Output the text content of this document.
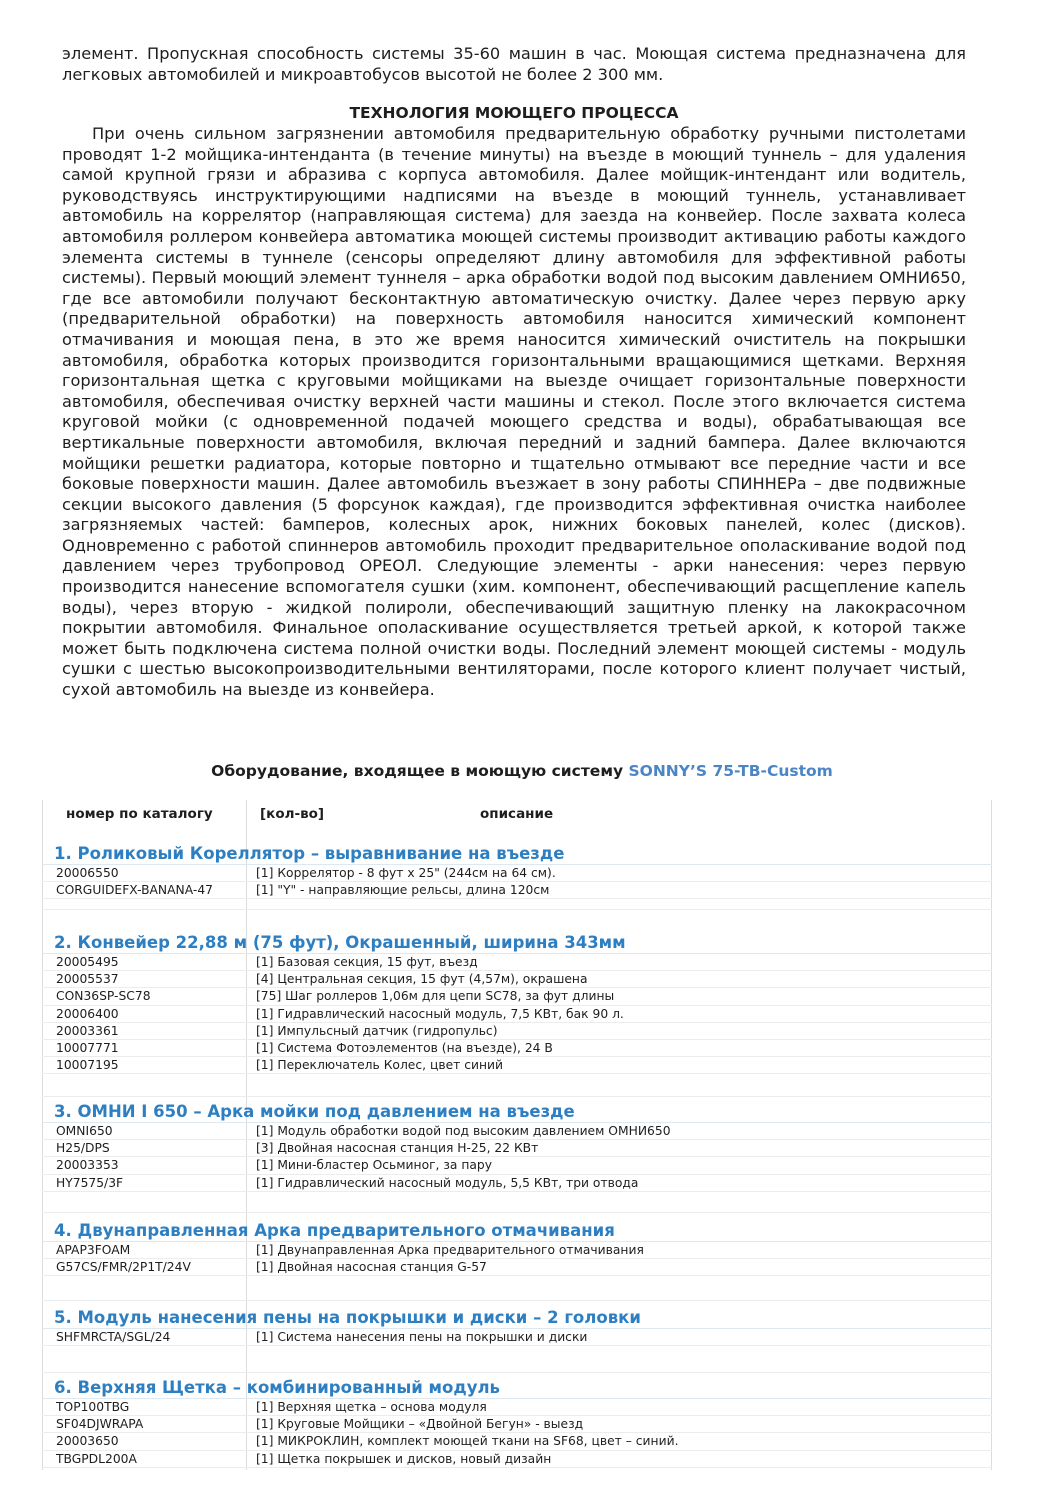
элемент. Пропускная способность системы 35-60 машин в час. Моющая система предназначена для легковых автомобилей и микроавтобусов высотой не более 2 300 мм.

ТЕХНОЛОГИЯ МОЮЩЕГО ПРОЦЕССА

При очень сильном загрязнении автомобиля предварительную обработку ручными пистолетами проводят 1-2 мойщика-интенданта (в течение минуты) на въезде в моющий туннель – для удаления самой крупной грязи и абразива с корпуса автомобиля. Далее мойщик-интендант или водитель, руководствуясь инструктирующими надписями на въезде в моющий туннель, устанавливает автомобиль на коррелятор (направляющая система) для заезда на конвейер. После захвата колеса автомобиля роллером конвейера автоматика моющей системы производит активацию работы каждого элемента системы в туннеле (сенсоры определяют длину автомобиля для эффективной работы системы). Первый моющий элемент туннеля – арка обработки водой под высоким давлением ОМНИ650, где все автомобили получают бесконтактную автоматическую очистку. Далее через первую арку (предварительной обработки) на поверхность автомобиля наносится химический компонент отмачивания и моющая пена, в это же время наносится химический очиститель на покрышки автомобиля, обработка которых производится горизонтальными вращающимися щетками. Верхняя горизонтальная щетка с круговыми мойщиками на выезде очищает горизонтальные поверхности автомобиля, обеспечивая очистку верхней части машины и стекол. После этого включается система круговой мойки (с одновременной подачей моющего средства и воды), обрабатывающая все вертикальные поверхности автомобиля, включая передний и задний бампера. Далее включаются мойщики решетки радиатора, которые повторно и тщательно отмывают все передние части и все боковые поверхности машин. Далее автомобиль въезжает в зону работы СПИННЕРа – две подвижные секции высокого давления (5 форсунок каждая), где производится эффективная очистка наиболее загрязняемых частей: бамперов, колесных арок, нижних боковых панелей, колес (дисков). Одновременно с работой спиннеров автомобиль проходит предварительное ополаскивание водой под давлением через трубопровод ОРЕОЛ. Следующие элементы - арки нанесения: через первую производится нанесение вспомогателя сушки (хим. компонент, обеспечивающий расщепление капель воды), через вторую - жидкой полироли, обеспечивающий защитную пленку на лакокрасочном покрытии автомобиля. Финальное ополаскивание осуществляется третьей аркой, к которой также может быть подключена система полной очистки воды. Последний элемент моющей системы - модуль сушки с шестью высокопроизводительными вентиляторами, после которого клиент получает чистый, сухой автомобиль на выезде из конвейера.

Оборудование, входящее в моющую систему SONNY’S 75-TB-Custom
номер по каталогу	[кол-во]	описание
1. Роликовый Кореллятор – выравнивание на въезде
20006550	[1] Коррелятор - 8 фут х 25" (244см на 64 см).
CORGUIDEFX-BANANA-47	[1] "Y" - направляющие рельсы, длина 120см
2. Конвейер 22,88 м (75 фут), Окрашенный, ширина 343мм
20005495	[1] Базовая секция, 15 фут, въезд
20005537	[4] Центральная секция, 15 фут (4,57м), окрашена
CON36SP-SC78	[75] Шаг роллеров 1,06м для цепи SC78, за фут длины
20006400	[1] Гидравлический насосный модуль, 7,5 КВт, бак 90 л.
20003361	[1] Импульсный датчик (гидропульс)
10007771	[1] Система Фотоэлементов (на въезде), 24 В
10007195	[1] Переключатель Колес, цвет синий
3. ОМНИ I 650 – Арка мойки под давлением на въезде
OMNI650	[1] Модуль обработки водой под высоким давлением ОМНИ650
H25/DPS	[3] Двойная насосная станция Н-25, 22 КВт
20003353	[1] Мини-бластер Осьминог, за пару
HY7575/3F	[1] Гидравлический насосный модуль, 5,5 КВт, три отвода
4. Двунаправленная Арка предварительного отмачивания
APAP3FOAM	[1] Двунаправленная Арка предварительного отмачивания
G57CS/FMR/2P1T/24V	[1] Двойная насосная станция G-57
5. Модуль нанесения пены на покрышки и диски – 2 головки
SHFMRCTA/SGL/24	[1] Система нанесения пены на покрышки и диски
6. Верхняя Щетка – комбинированный модуль
TOP100TBG	[1] Верхняя щетка – основа модуля
SF04DJWRAPA	[1] Круговые Мойщики – «Двойной Бегун» - выезд
20003650	[1] МИКРОКЛИН, комплект моющей ткани на SF68, цвет – синий.
TBGPDL200A	[1] Щетка покрышек и дисков, новый дизайн
